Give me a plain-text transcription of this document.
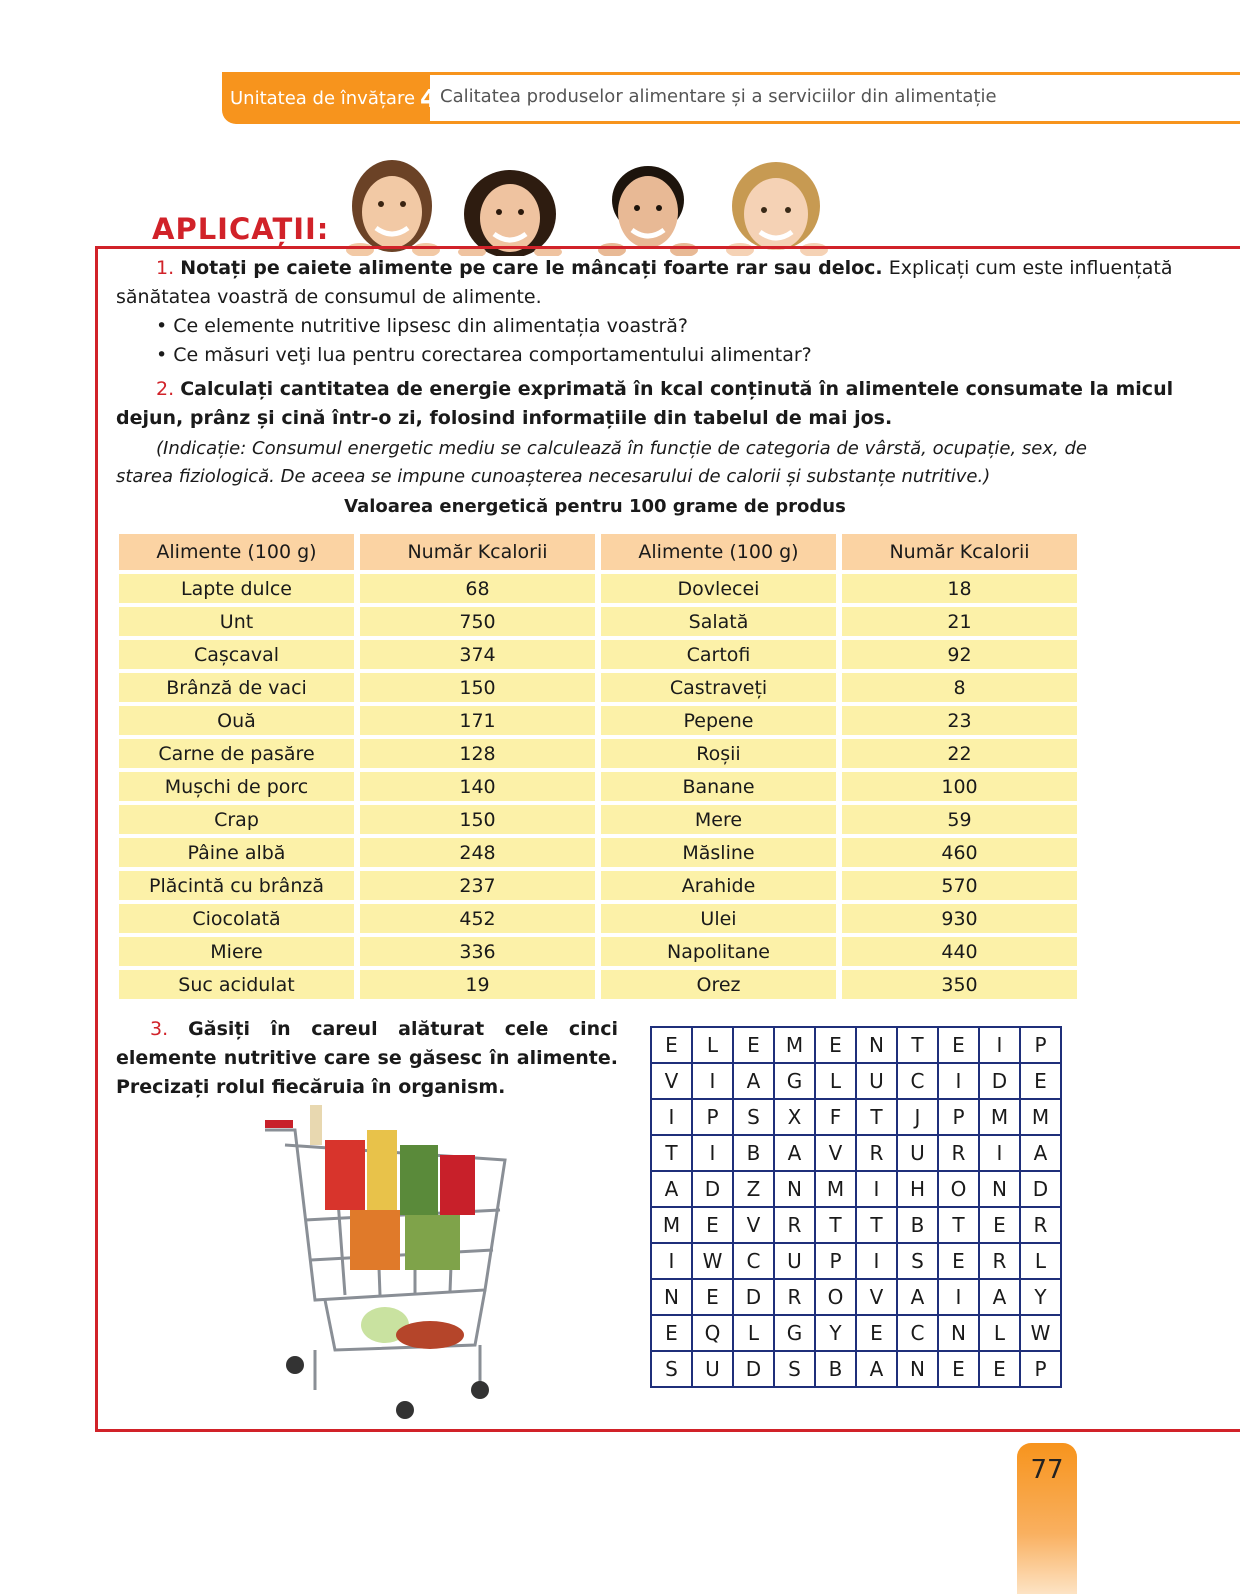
Unitatea de învățare 4 Calitatea produselor alimentare și a serviciilor din alimentație
APLICAȚII:
1. Notați pe caiete alimente pe care le mâncați foarte rar sau deloc. Explicați cum este influențată
sănătatea voastră de consumul de alimente.
• Ce elemente nutritive lipsesc din alimentația voastră?
• Ce măsuri veţi lua pentru corectarea comportamentului alimentar?
2. Calculați cantitatea de energie exprimată în kcal conținută în alimentele consumate la micul
dejun, prânz și cină într-o zi, folosind informațiile din tabelul de mai jos.
(Indicație: Consumul energetic mediu se calculează în funcție de categoria de vârstă, ocupație, sex, de
starea fiziologică. De aceea se impune cunoașterea necesarului de calorii și substanțe nutritive.)
Valoarea energetică pentru 100 grame de produs
Alimente (100 g)	Număr Kcalorii	Alimente (100 g)	Număr Kcalorii
Lapte dulce	68	Dovlecei	18
Unt	750	Salată	21
Cașcaval	374	Cartofi	92
Brânză de vaci	150	Castraveți	8
Ouă	171	Pepene	23
Carne de pasăre	128	Roșii	22
Mușchi de porc	140	Banane	100
Crap	150	Mere	59
Pâine albă	248	Măsline	460
Plăcintă cu brânză	237	Arahide	570
Ciocolată	452	Ulei	930
Miere	336	Napolitane	440
Suc acidulat	19	Orez	350
3. Găsiți în careul alăturat cele cinci elemente nutritive care se găsesc în alimente. Precizați rolul fiecăruia în organism.
E	L	E	M	E	N	T	E	I	P
V	I	A	G	L	U	C	I	D	E
I	P	S	X	F	T	J	P	M	M
T	I	B	A	V	R	U	R	I	A
A	D	Z	N	M	I	H	O	N	D
M	E	V	R	T	T	B	T	E	R
I	W	C	U	P	I	S	E	R	L
N	E	D	R	O	V	A	I	A	Y
E	Q	L	G	Y	E	C	N	L	W
S	U	D	S	B	A	N	E	E	P
77
